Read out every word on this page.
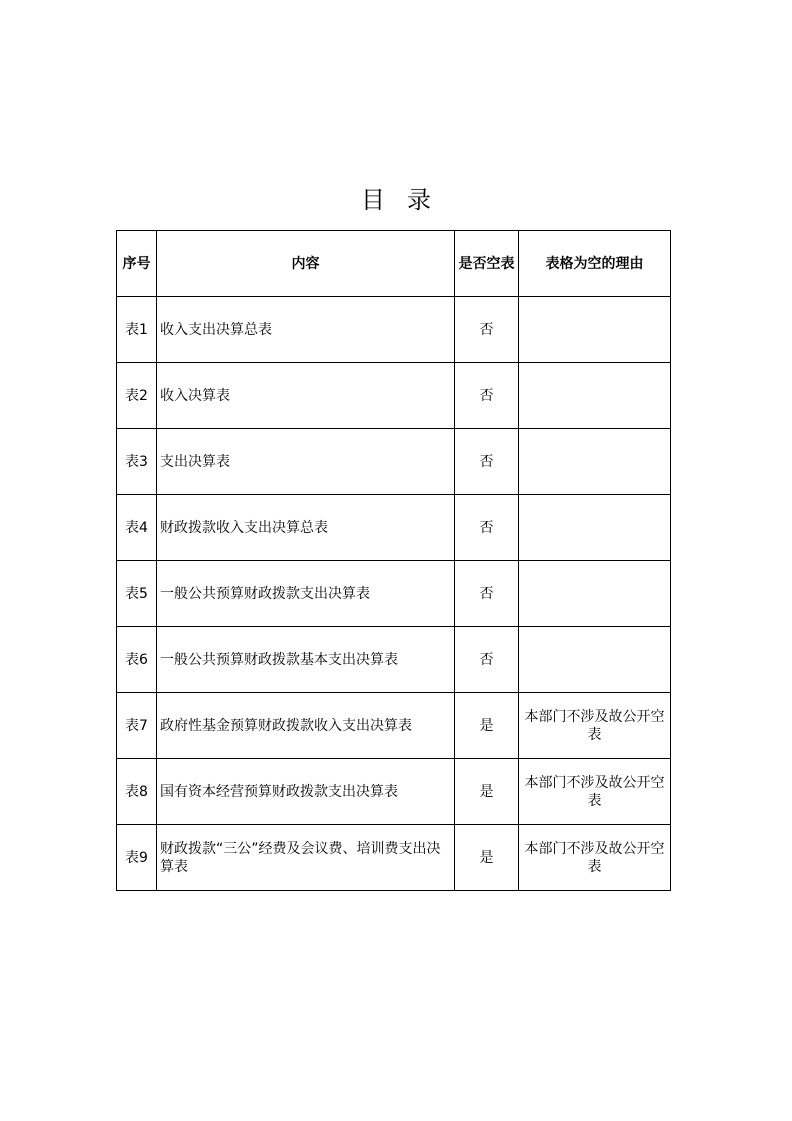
目录
序号	内容	是否空表	表格为空的理由
表1	收入支出决算总表	否	
表2	收入决算表	否	
表3	支出决算表	否	
表4	财政拨款收入支出决算总表	否	
表5	一般公共预算财政拨款支出决算表	否	
表6	一般公共预算财政拨款基本支出决算表	否	
表7	政府性基金预算财政拨款收入支出决算表	是	本部门不涉及故公开空表
表8	国有资本经营预算财政拨款支出决算表	是	本部门不涉及故公开空表
表9	财政拨款“三公”经费及会议费、培训费支出决算表	是	本部门不涉及故公开空表
